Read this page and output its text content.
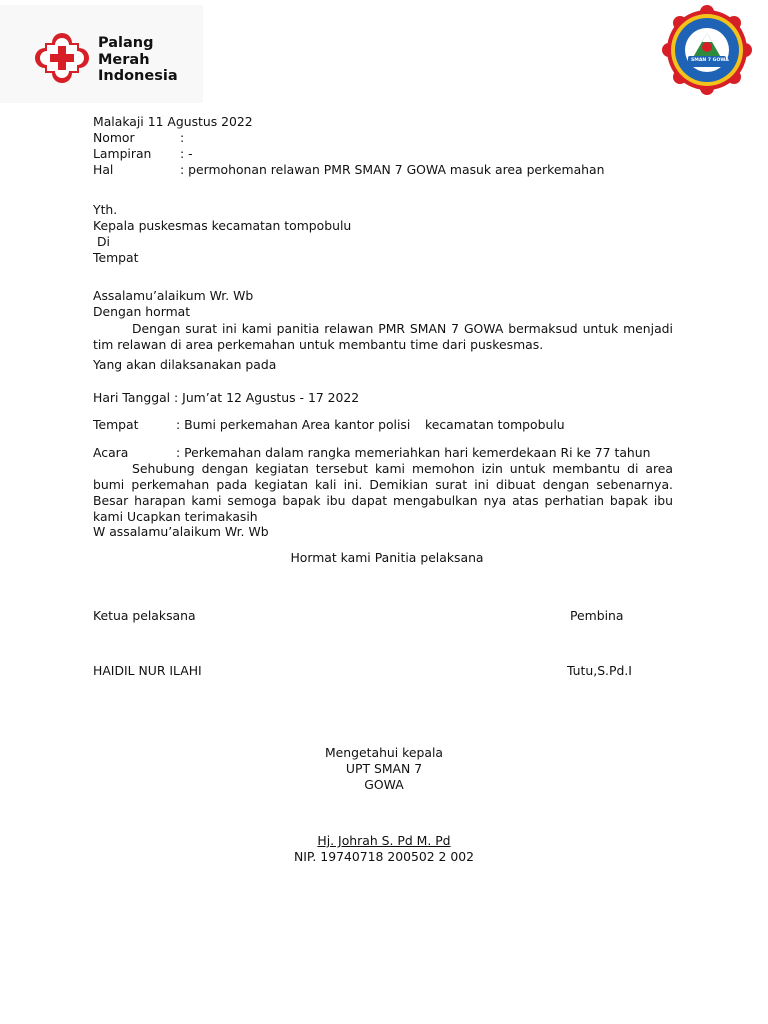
Palang
Merah
Indonesia
SMAN 7 GOWA
Malakaji 11 Agustus 2022
Nomor	:
Lampiran : -
Hal	: permohonan relawan PMR SMAN 7 GOWA masuk area perkemahan
Yth.
Kepala puskesmas kecamatan tompobulu
Di
Tempat
Assalamu’alaikum Wr. Wb
Dengan hormat
Dengan surat ini kami panitia relawan PMR SMAN 7 GOWA bermaksud untuk menjadi tim relawan di area perkemahan untuk membantu time dari puskesmas.
Yang akan dilaksanakan pada
Hari Tanggal : Jum’at 12 Agustus - 17 2022
Tempat	: Bumi perkemahan Area kantor polisi kecamatan tompobulu
Acara	: Perkemahan dalam rangka memeriahkan hari kemerdekaan Ri ke 77 tahun
Sehubung dengan kegiatan tersebut kami memohon izin untuk membantu di area bumi perkemahan pada kegiatan kali ini. Demikian surat ini dibuat dengan sebenarnya. Besar harapan kami semoga bapak ibu dapat mengabulkan nya atas perhatian bapak ibu kami Ucapkan terimakasih
W assalamu’alaikum Wr. Wb
Hormat kami Panitia pelaksana
Ketua pelaksana	Pembina
HAIDIL NUR ILAHI	Tutu,S.Pd.I
Mengetahui kepala
UPT SMAN 7
GOWA
Hj. Johrah S. Pd M. Pd
NIP. 19740718 200502 2 002
